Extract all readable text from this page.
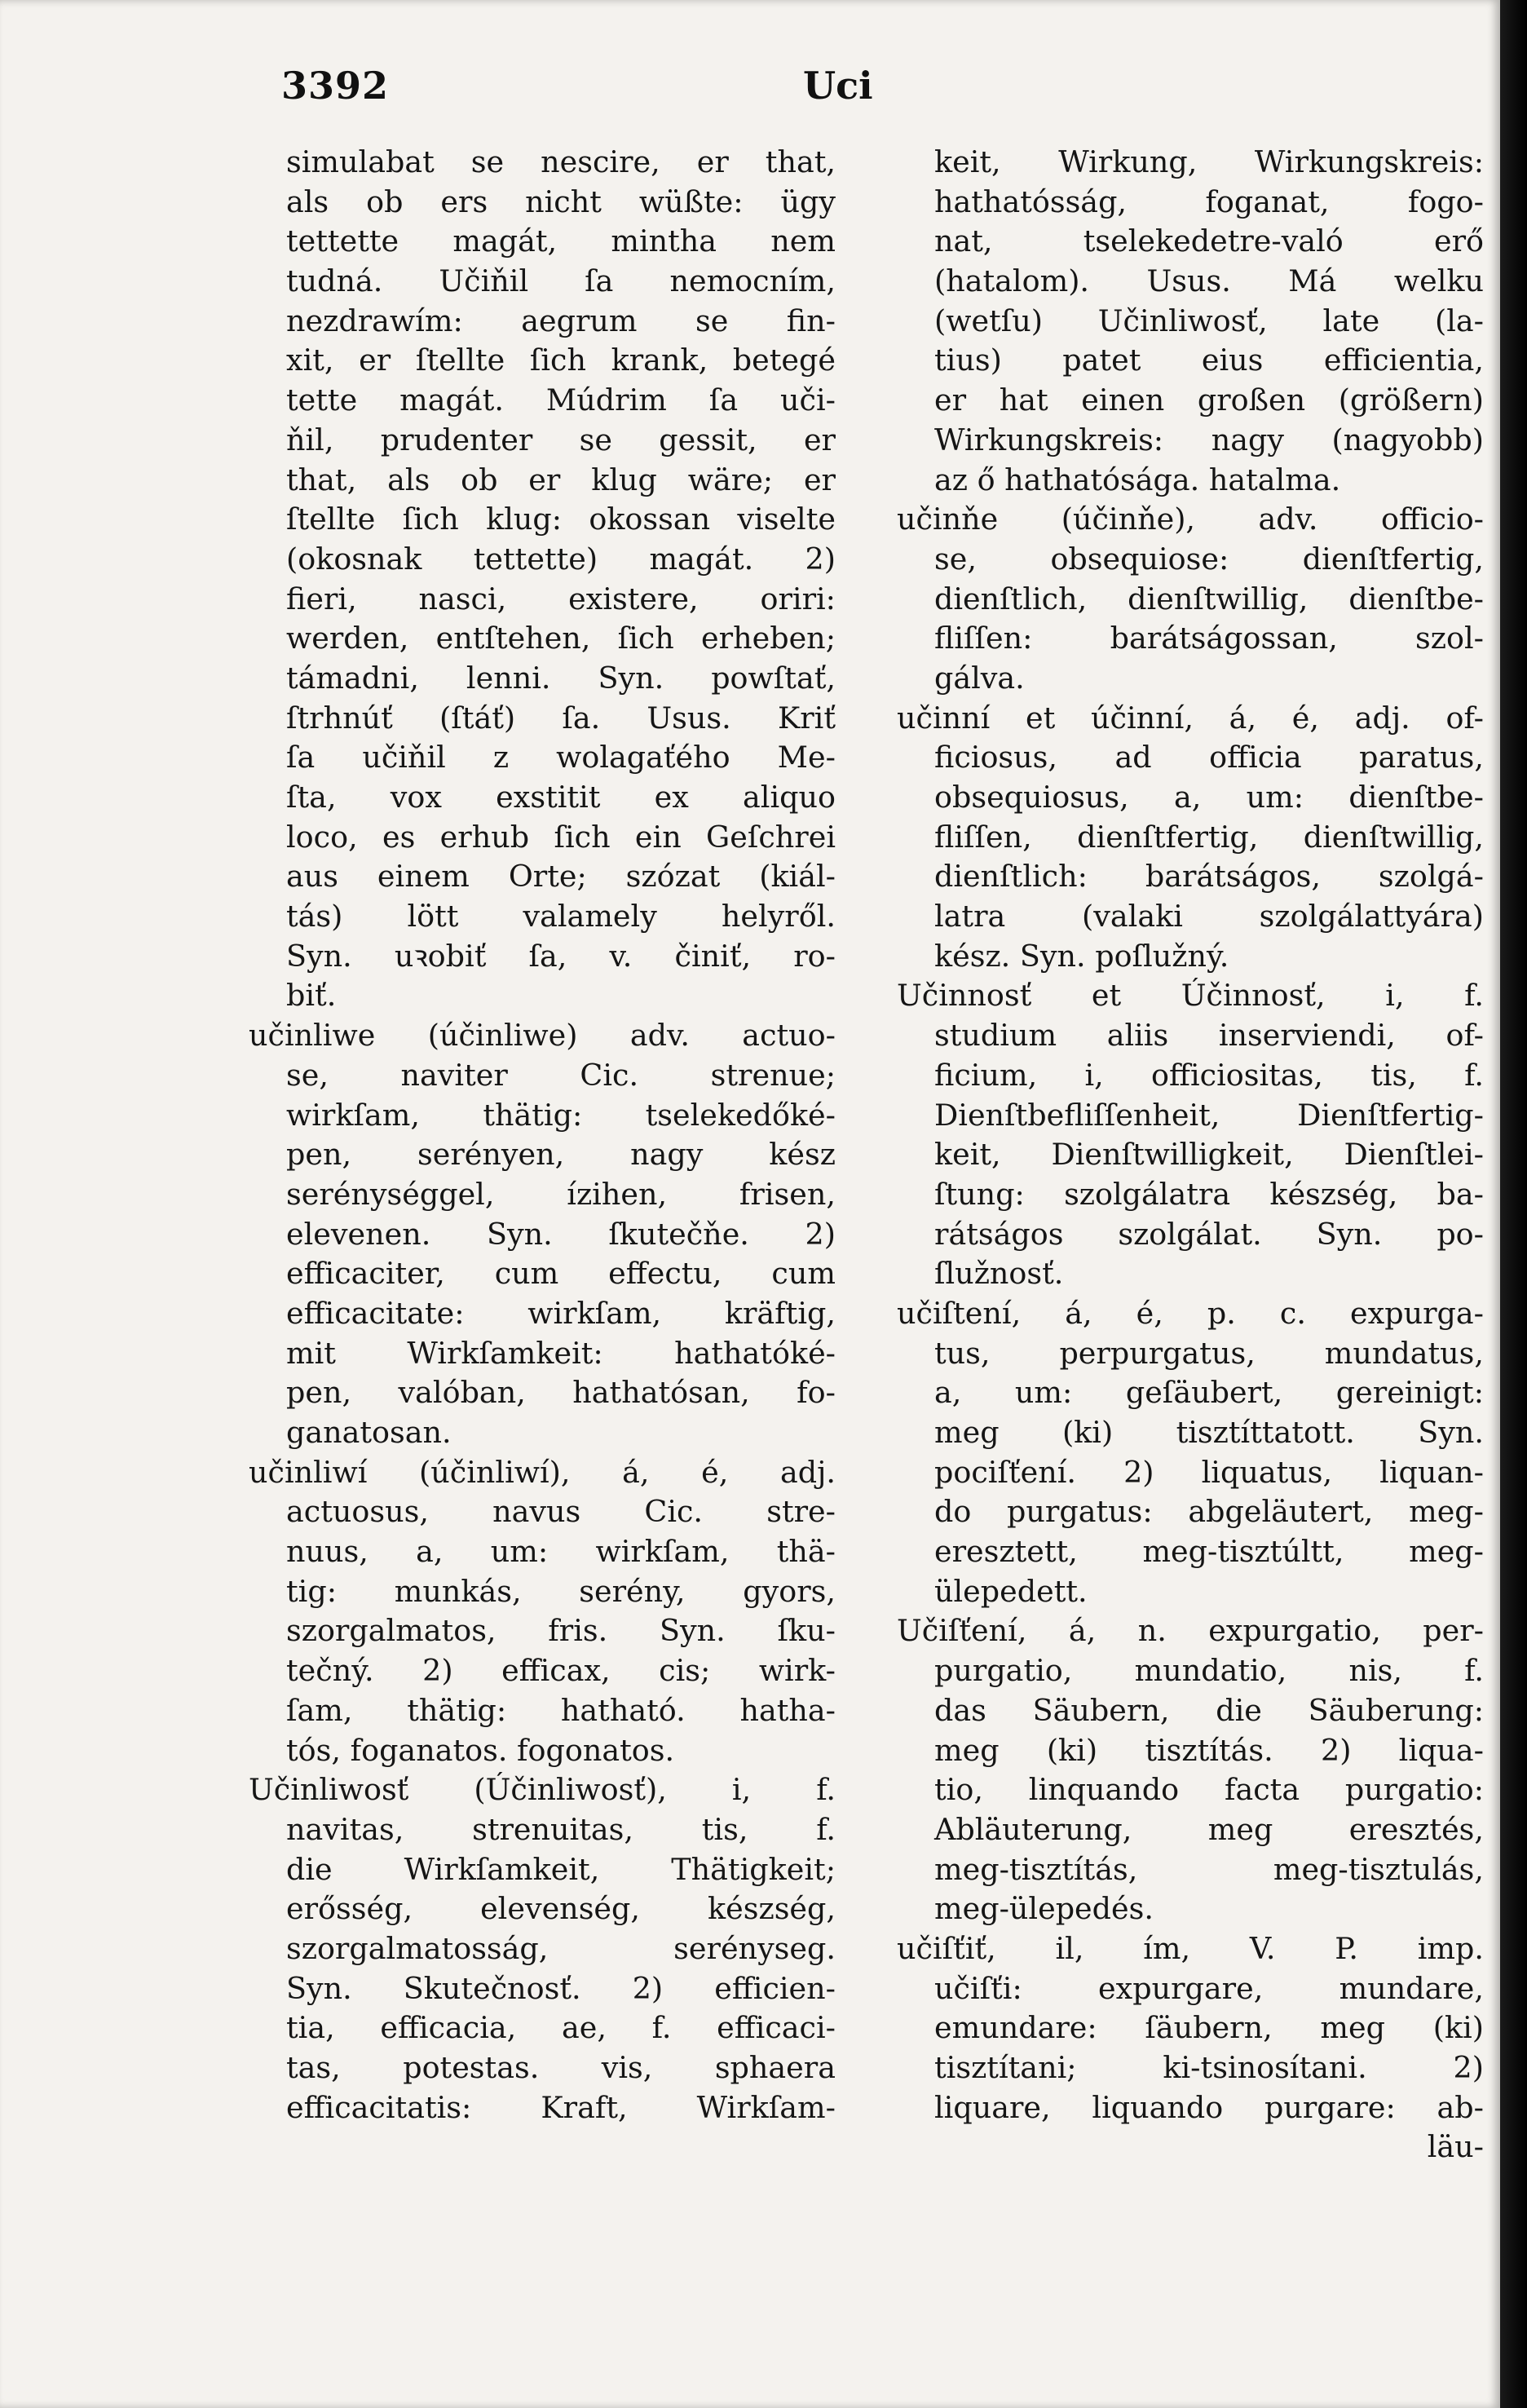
3392	Uci
simulabat se nescire, er that,
als ob ers nicht wüßte: ügy
tettette magát, mintha nem
tudná. Učiňil ſa nemocním,
nezdrawím: aegrum se fin-
xit, er ſtellte ſich krank, betegé
tette magát. Múdrim ſa uči-
ňil, prudenter se gessit, er
that, als ob er klug wäre; er
ſtellte ſich klug: okossan viselte
(okosnak tettette) magát. 2)
fieri, nasci, existere, oriri:
werden, entſtehen, ſich erheben;
támadni, lenni. Syn. powſtať,
ſtrhnúť (ſtáť) ſa. Usus. Kriť
ſa učiňil z wolagaťého Me-
ſta, vox exstitit ex aliquo
loco, es erhub ſich ein Geſchrei
aus einem Orte; szózat (kiál-
tás) lött valamely helyről.
Syn. uꝛobiť ſa, v. činiť, ro-
biť.
učinliwe (účinliwe) adv. actuo-
se, naviter Cic. strenue;
wirkſam, thätig: tselekedőké-
pen, serényen, nagy kész
serénységgel, ízihen, frisen,
elevenen. Syn. ſkutečňe. 2)
efficaciter, cum effectu, cum
efficacitate: wirkſam, kräftig,
mit Wirkſamkeit: hathatóké-
pen, valóban, hathatósan, fo-
ganatosan.
učinliwí (účinliwí), á, é, adj.
actuosus, navus Cic. stre-
nuus, a, um: wirkſam, thä-
tig: munkás, serény, gyors,
szorgalmatos, fris. Syn. ſku-
tečný. 2) efficax, cis; wirk-
ſam, thätig: hatható. hatha-
tós, foganatos. fogonatos.
Učinliwosť (Účinliwosť), i, f.
navitas, strenuitas, tis, f.
die Wirkſamkeit, Thätigkeit;
erősség, elevenség, készség,
szorgalmatosság, serényseg.
Syn. Skutečnosť. 2) efficien-
tia, efficacia, ae, f. efficaci-
tas, potestas. vis, sphaera
efficacitatis: Kraft, Wirkſam-
keit, Wirkung, Wirkungskreis:
hathatósság, foganat, fogo-
nat, tselekedetre-való erő
(hatalom). Usus. Má welku
(wetſu) Učinliwosť, late (la-
tius) patet eius efficientia,
er hat einen großen (größern)
Wirkungskreis: nagy (nagyobb)
az ő hathatósága. hatalma.
učinňe (účinňe), adv. officio-
se, obsequiose: dienſtfertig,
dienſtlich, dienſtwillig, dienſtbe-
fliſſen: barátságossan, szol-
gálva.
učinní et účinní, á, é, adj. of-
ficiosus, ad officia paratus,
obsequiosus, a, um: dienſtbe-
fliſſen, dienſtfertig, dienſtwillig,
dienſtlich: barátságos, szolgá-
latra (valaki szolgálattyára)
kész. Syn. poſlužný.
Učinnosť et Účinnosť, i, f.
studium aliis inserviendi, of-
ficium, i, officiositas, tis, f.
Dienſtbefliſſenheit, Dienſtfertig-
keit, Dienſtwilligkeit, Dienſtlei-
ſtung: szolgálatra készség, ba-
rátságos szolgálat. Syn. po-
ſlužnosť.
učiſtení, á, é, p. c. expurga-
tus, perpurgatus, mundatus,
a, um: geſäubert, gereinigt:
meg (ki) tisztíttatott. Syn.
pociſťení. 2) liquatus, liquan-
do purgatus: abgeläutert, meg-
eresztett, meg-tisztúltt, meg-
ülepedett.
Učiſťení, á, n. expurgatio, per-
purgatio, mundatio, nis, f.
das Säubern, die Säuberung:
meg (ki) tisztítás. 2) liqua-
tio, linquando facta purgatio:
Abläuterung, meg eresztés,
meg-tisztítás, meg-tisztulás,
meg-ülepedés.
učiſťiť, il, ím, V. P. imp.
učiſťi: expurgare, mundare,
emundare: ſäubern, meg (ki)
tisztítani; ki-tsinosítani. 2)
liquare, liquando purgare: ab-
läu-
